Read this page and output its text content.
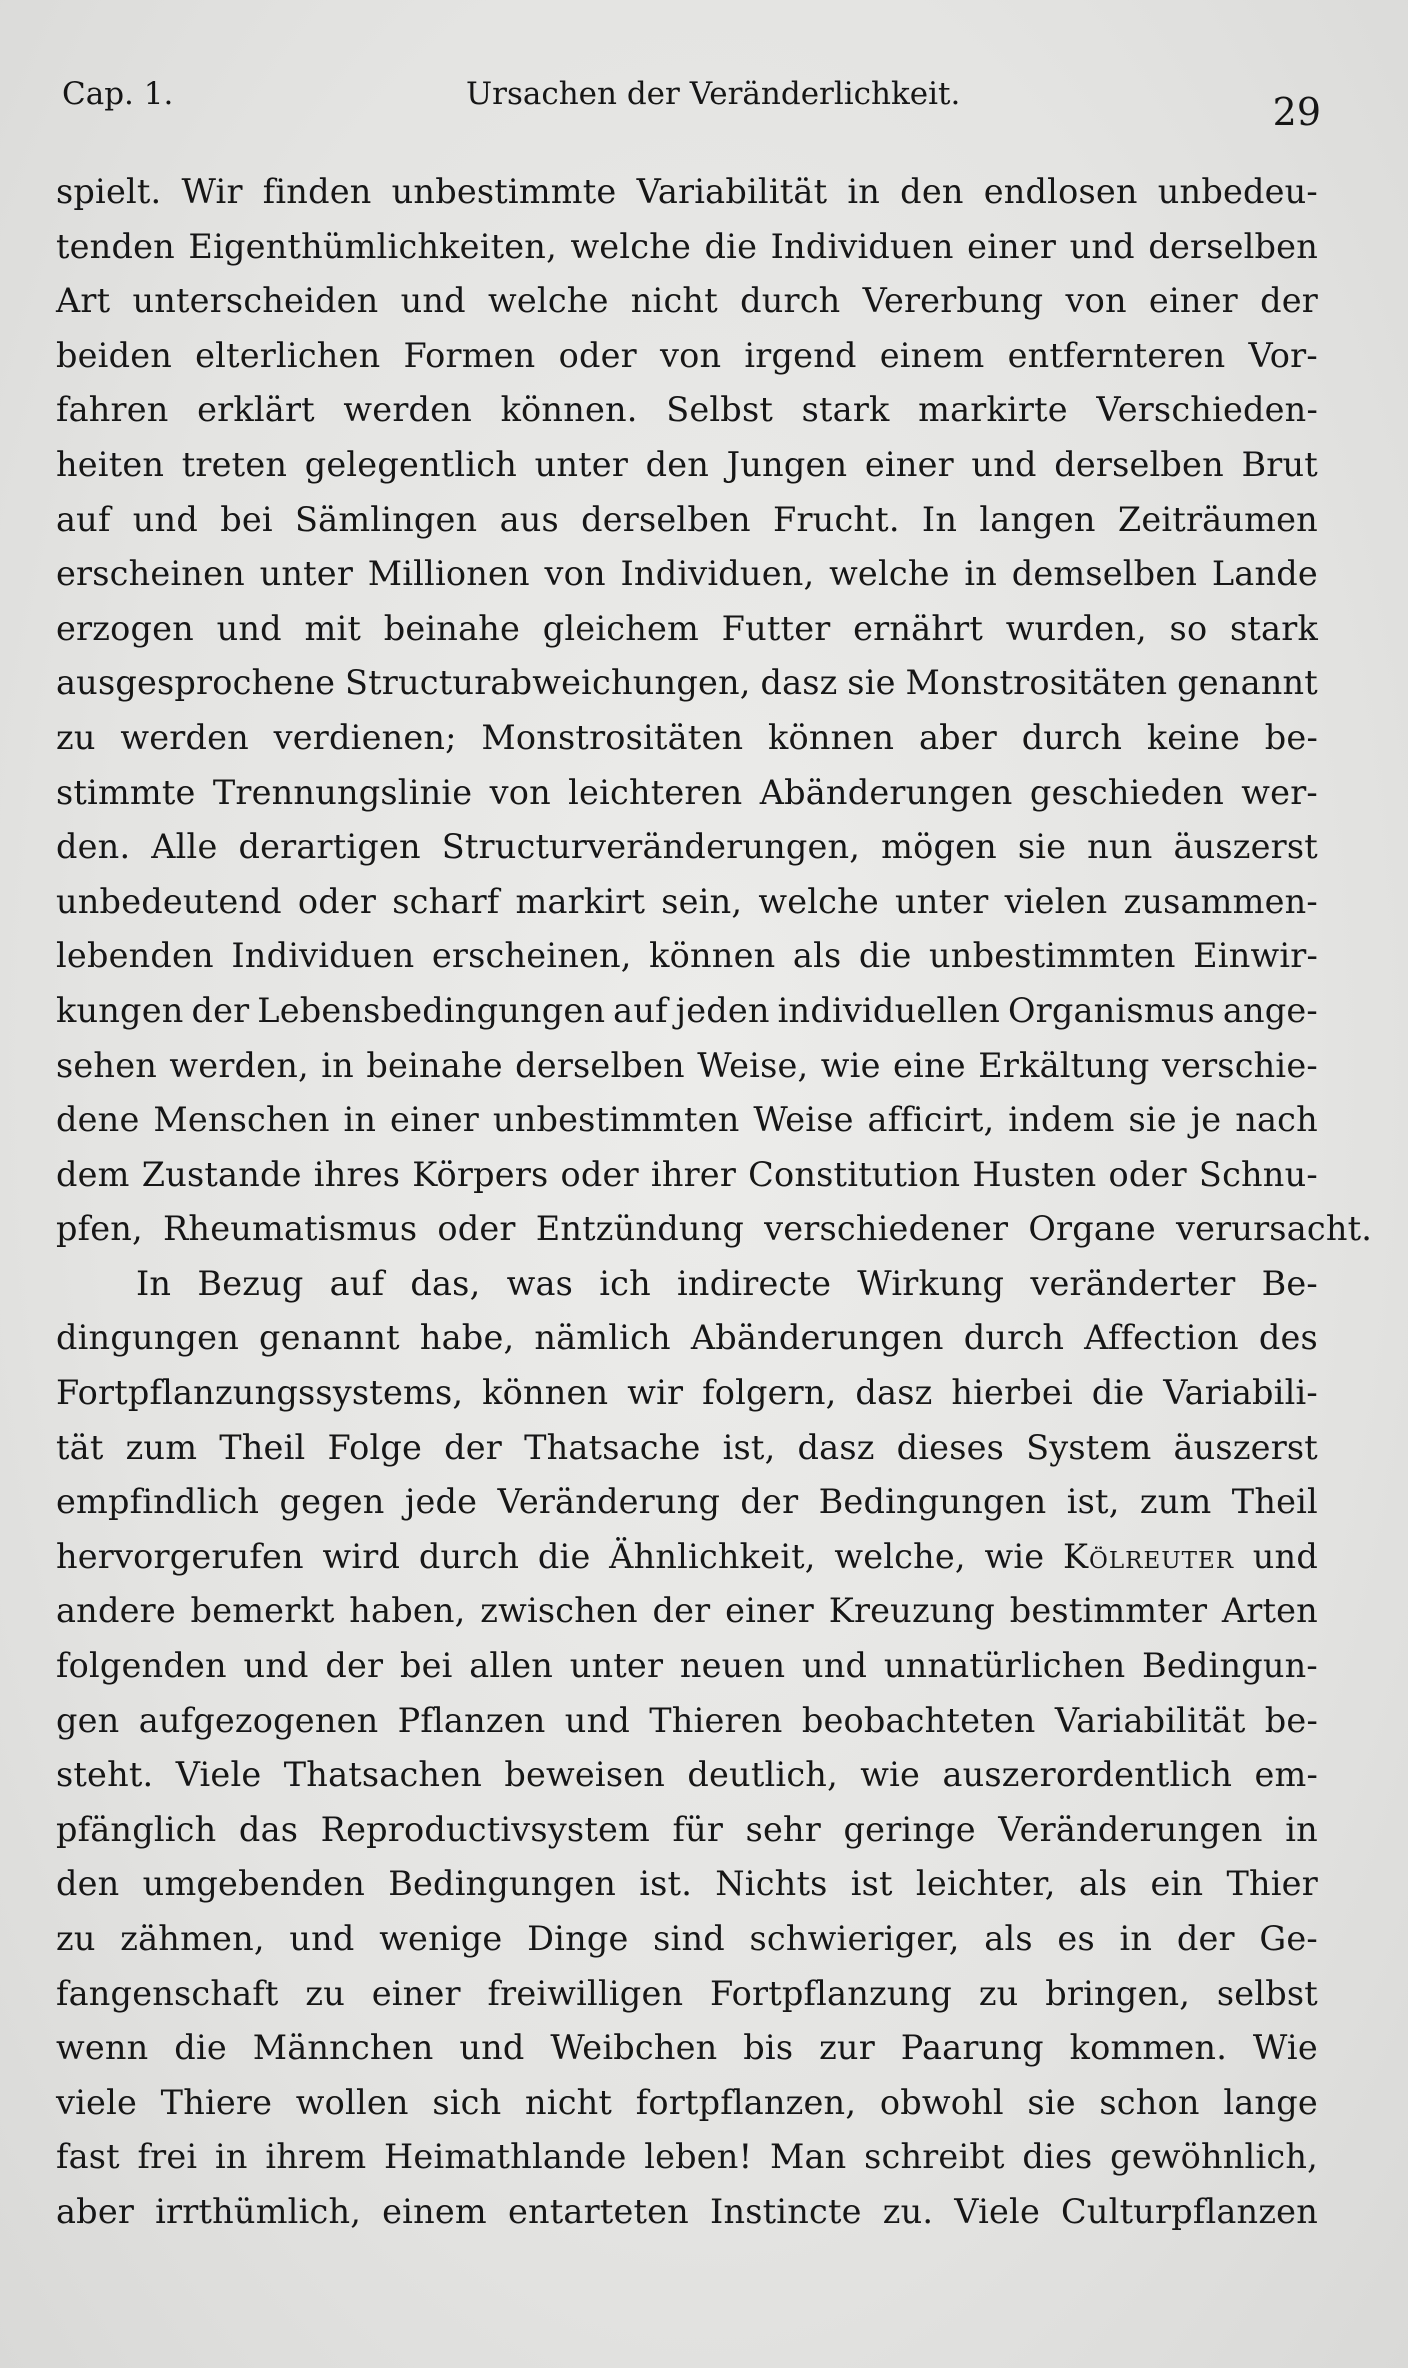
Cap. 1.	Ursachen der Veränderlichkeit.	29
spielt. Wir finden unbestimmte Variabilität in den endlosen unbedeu-
tenden Eigenthümlichkeiten, welche die Individuen einer und derselben
Art unterscheiden und welche nicht durch Vererbung von einer der
beiden elterlichen Formen oder von irgend einem entfernteren Vor-
fahren erklärt werden können. Selbst stark markirte Verschieden-
heiten treten gelegentlich unter den Jungen einer und derselben Brut
auf und bei Sämlingen aus derselben Frucht. In langen Zeiträumen
erscheinen unter Millionen von Individuen, welche in demselben Lande
erzogen und mit beinahe gleichem Futter ernährt wurden, so stark
ausgesprochene Structurabweichungen, dasz sie Monstrositäten genannt
zu werden verdienen; Monstrositäten können aber durch keine be-
stimmte Trennungslinie von leichteren Abänderungen geschieden wer-
den. Alle derartigen Structurveränderungen, mögen sie nun äuszerst
unbedeutend oder scharf markirt sein, welche unter vielen zusammen-
lebenden Individuen erscheinen, können als die unbestimmten Einwir-
kungen der Lebensbedingungen auf jeden individuellen Organismus ange-
sehen werden, in beinahe derselben Weise, wie eine Erkältung verschie-
dene Menschen in einer unbestimmten Weise afficirt, indem sie je nach
dem Zustande ihres Körpers oder ihrer Constitution Husten oder Schnu-
pfen, Rheumatismus oder Entzündung verschiedener Organe verursacht.
In Bezug auf das, was ich indirecte Wirkung veränderter Be-
dingungen genannt habe, nämlich Abänderungen durch Affection des
Fortpflanzungssystems, können wir folgern, dasz hierbei die Variabili-
tät zum Theil Folge der Thatsache ist, dasz dieses System äuszerst
empfindlich gegen jede Veränderung der Bedingungen ist, zum Theil
hervorgerufen wird durch die Ähnlichkeit, welche, wie Kölreuter und
andere bemerkt haben, zwischen der einer Kreuzung bestimmter Arten
folgenden und der bei allen unter neuen und unnatürlichen Bedingun-
gen aufgezogenen Pflanzen und Thieren beobachteten Variabilität be-
steht. Viele Thatsachen beweisen deutlich, wie auszerordentlich em-
pfänglich das Reproductivsystem für sehr geringe Veränderungen in
den umgebenden Bedingungen ist. Nichts ist leichter, als ein Thier
zu zähmen, und wenige Dinge sind schwieriger, als es in der Ge-
fangenschaft zu einer freiwilligen Fortpflanzung zu bringen, selbst
wenn die Männchen und Weibchen bis zur Paarung kommen. Wie
viele Thiere wollen sich nicht fortpflanzen, obwohl sie schon lange
fast frei in ihrem Heimathlande leben! Man schreibt dies gewöhnlich,
aber irrthümlich, einem entarteten Instincte zu. Viele Culturpflanzen
